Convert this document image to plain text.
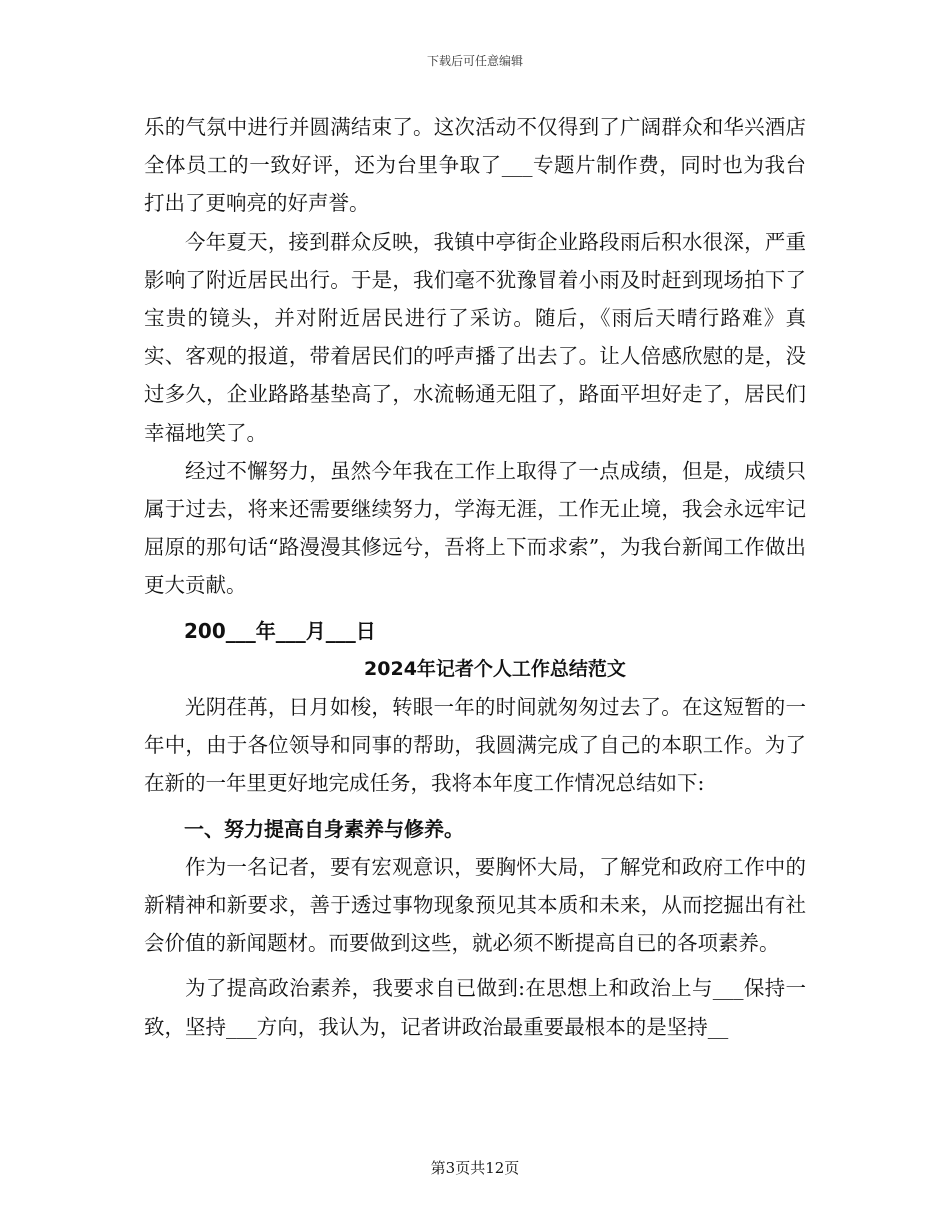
下载后可任意编辑

乐的气氛中进行并圆满结束了。这次活动不仅得到了广阔群众和华兴酒店全体员工的一致好评，还为台里争取了___专题片制作费，同时也为我台打出了更响亮的好声誉。

今年夏天，接到群众反映，我镇中亭街企业路段雨后积水很深，严重影响了附近居民出行。于是，我们毫不犹豫冒着小雨及时赶到现场拍下了宝贵的镜头，并对附近居民进行了采访。随后，《雨后天晴行路难》真实、客观的报道，带着居民们的呼声播了出去了。让人倍感欣慰的是，没过多久，企业路路基垫高了，水流畅通无阻了，路面平坦好走了，居民们幸福地笑了。

经过不懈努力，虽然今年我在工作上取得了一点成绩，但是，成绩只属于过去，将来还需要继续努力，学海无涯，工作无止境，我会永远牢记屈原的那句话“路漫漫其修远兮，吾将上下而求索”，为我台新闻工作做出更大贡献。

200___年___月___日

2024年记者个人工作总结范文

光阴荏苒，日月如梭，转眼一年的时间就匆匆过去了。在这短暂的一年中，由于各位领导和同事的帮助，我圆满完成了自己的本职工作。为了在新的一年里更好地完成任务，我将本年度工作情况总结如下:

一、努力提高自身素养与修养。

作为一名记者，要有宏观意识，要胸怀大局，了解党和政府工作中的新精神和新要求，善于透过事物现象预见其本质和未来，从而挖掘出有社会价值的新闻题材。而要做到这些，就必须不断提高自已的各项素养。

为了提高政治素养，我要求自已做到:在思想上和政治上与___保持一致，坚持___方向，我认为，记者讲政治最重要最根本的是坚持__

第3页共12页
